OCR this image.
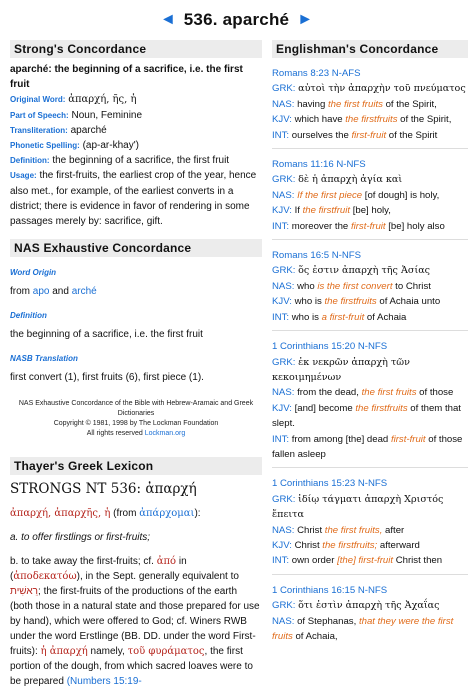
◄ 536. aparché ►
Strong's Concordance
aparché: the beginning of a sacrifice, i.e. the first fruit
Original Word: ἀπαρχή, ῆς, ἡ
Part of Speech: Noun, Feminine
Transliteration: aparché
Phonetic Spelling: (ap-ar-khay')
Definition: the beginning of a sacrifice, the first fruit
Usage: the first-fruits, the earliest crop of the year, hence also met., for example, of the earliest converts in a district; there is evidence in favor of rendering in some passages merely by: sacrifice, gift.
NAS Exhaustive Concordance
Word Origin
from apo and arché
Definition
the beginning of a sacrifice, i.e. the first fruit
NASB Translation
first convert (1), first fruits (6), first piece (1).
NAS Exhaustive Concordance of the Bible with Hebrew-Aramaic and Greek Dictionaries
Copyright © 1981, 1998 by The Lockman Foundation
All rights reserved Lockman.org
Thayer's Greek Lexicon
STRONGS NT 536: ἀπαρχή
ἀπαρχή, ἀπαρχῆς, ἡ (from ἀπάρχομαι):
a. to offer firstlings or first-fruits;
b. to take away the first-fruits; cf. ἀπό in (ἀποδεκατόω), in the Sept. generally equivalent to רֵאשִׁית; the first-fruits of the productions of the earth (both those in a natural state and those prepared for use by hand), which were offered to God; cf. Winers RWB under the word Erstlinge (BB. DD. under the word First-fruits): ἡ ἀπαρχή namely, τοῦ φυράματος, the first portion of the dough, from which sacred loaves were to be prepared (Numbers 15:19-
Englishman's Concordance
Romans 8:23 N-AFS
GRK: αὐτοὶ τὴν ἀπαρχὴν τοῦ πνεύματος
NAS: having the first fruits of the Spirit,
KJV: which have the firstfruits of the Spirit,
INT: ourselves the first-fruit of the Spirit
Romans 11:16 N-NFS
GRK: δὲ ἡ ἀπαρχὴ ἁγία καὶ
NAS: If the first piece [of dough] is holy,
KJV: If the firstfruit [be] holy,
INT: moreover the first-fruit [be] holy also
Romans 16:5 N-NFS
GRK: ὅς ἐστιν ἀπαρχὴ τῆς Ἀσίας
NAS: who is the first convert to Christ
KJV: who is the firstfruits of Achaia unto
INT: who is a first-fruit of Achaia
1 Corinthians 15:20 N-NFS
GRK: ἐκ νεκρῶν ἀπαρχὴ τῶν κεκοιμημένων
NAS: from the dead, the first fruits of those
KJV: [and] become the firstfruits of them that slept.
INT: from among [the] dead first-fruit of those fallen asleep
1 Corinthians 15:23 N-NFS
GRK: ἰδίῳ τάγματι ἀπαρχὴ Χριστός ἔπειτα
NAS: Christ the first fruits, after
KJV: Christ the firstfruits; afterward
INT: own order [the] first-fruit Christ then
1 Corinthians 16:15 N-NFS
GRK: ὅτι ἐστὶν ἀπαρχὴ τῆς Ἀχαΐας
NAS: of Stephanas, that they were the first fruits of Achaia,
